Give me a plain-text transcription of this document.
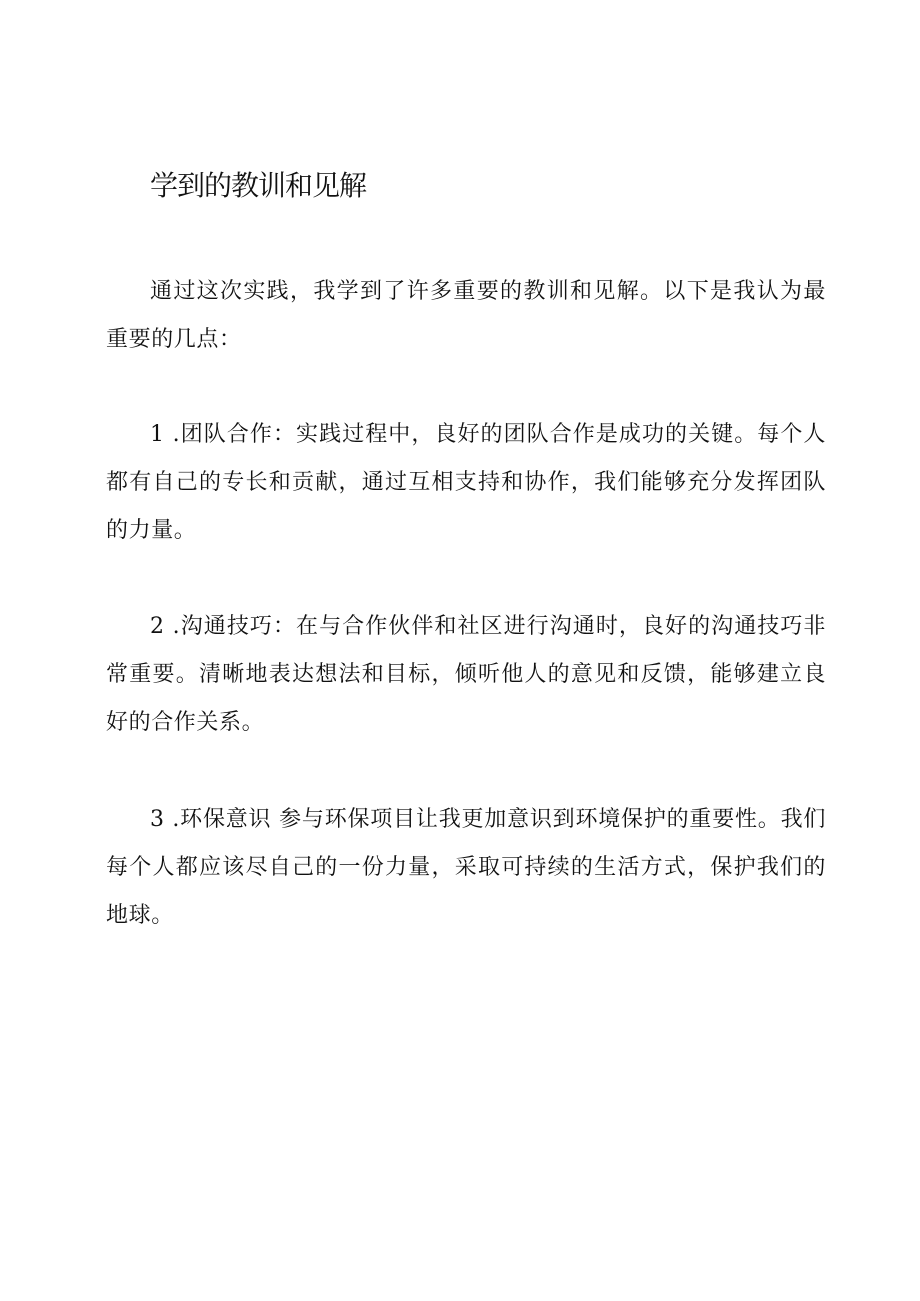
学到的教训和见解

通过这次实践，我学到了许多重要的教训和见解。以下是我认为最重要的几点：

1 .团队合作：实践过程中，良好的团队合作是成功的关键。每个人都有自己的专长和贡献，通过互相支持和协作，我们能够充分发挥团队的力量。

2 .沟通技巧：在与合作伙伴和社区进行沟通时，良好的沟通技巧非常重要。清晰地表达想法和目标，倾听他人的意见和反馈，能够建立良好的合作关系。

3 .环保意识 参与环保项目让我更加意识到环境保护的重要性。我们每个人都应该尽自己的一份力量，采取可持续的生活方式，保护我们的地球。
